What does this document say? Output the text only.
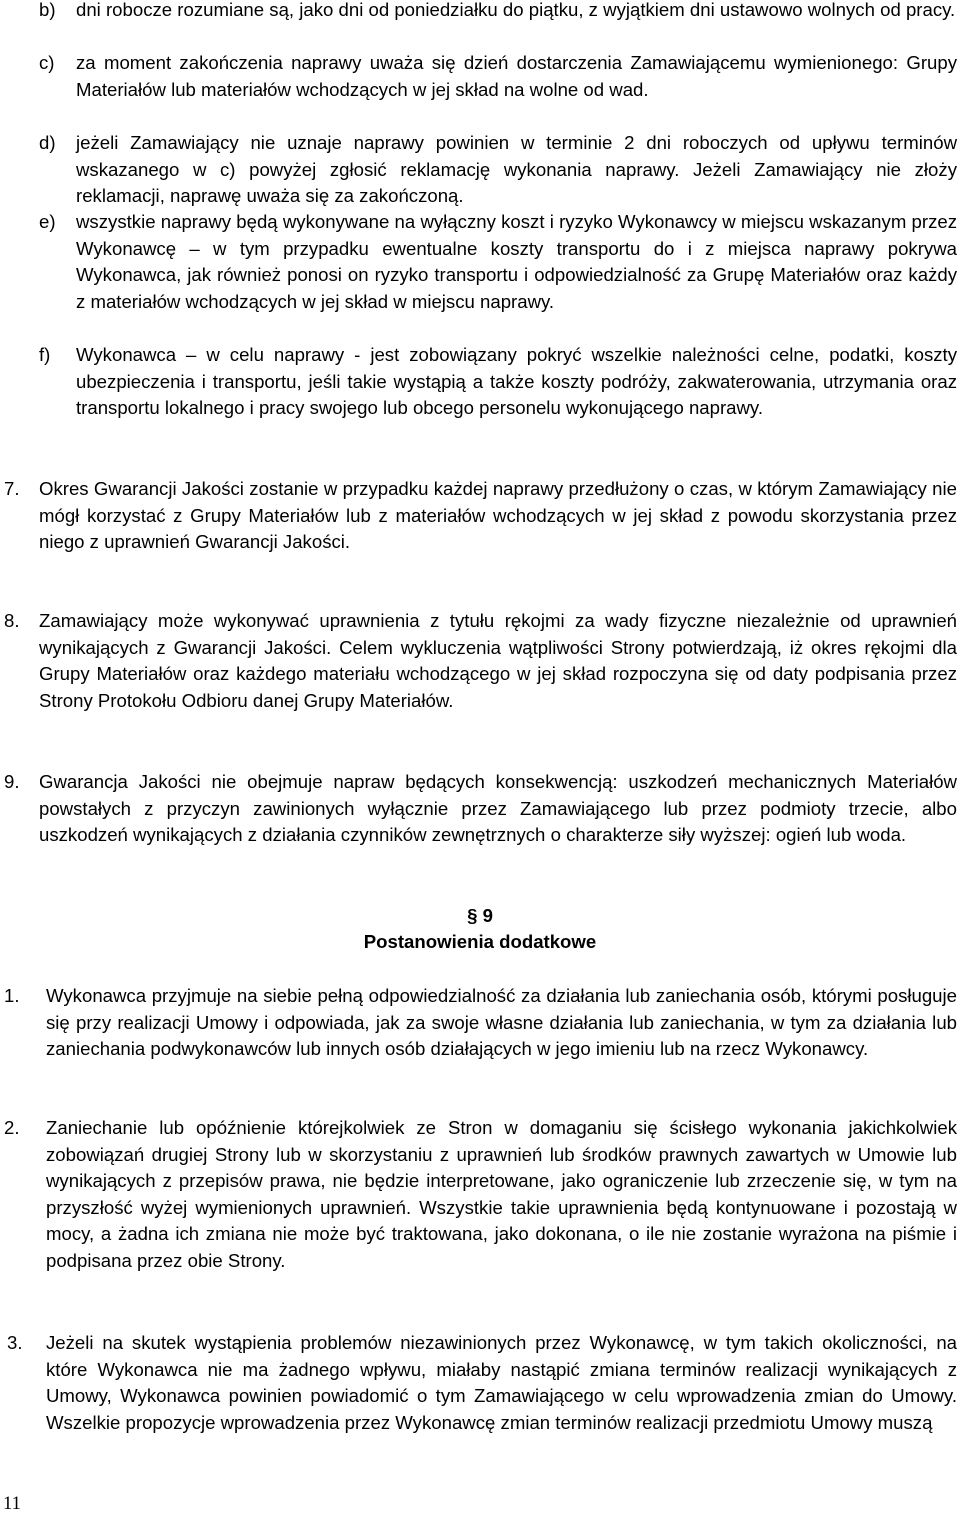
b) dni robocze rozumiane są, jako dni od poniedziałku do piątku, z wyjątkiem dni ustawowo wolnych od pracy.

c) za moment zakończenia naprawy uważa się dzień dostarczenia Zamawiającemu wymienionego: Grupy Materiałów lub materiałów wchodzących w jej skład na wolne od wad.

d) jeżeli Zamawiający nie uznaje naprawy powinien w terminie 2 dni roboczych od upływu terminów wskazanego w c) powyżej zgłosić reklamację wykonania naprawy. Jeżeli Zamawiający nie złoży reklamacji, naprawę uważa się za zakończoną.

e) wszystkie naprawy będą wykonywane na wyłączny koszt i ryzyko Wykonawcy w miejscu wskazanym przez Wykonawcę – w tym przypadku ewentualne koszty transportu do i z miejsca naprawy pokrywa Wykonawca, jak również ponosi on ryzyko transportu i odpowiedzialność za Grupę Materiałów oraz każdy z materiałów wchodzących w jej skład w miejscu naprawy.

f) Wykonawca – w celu naprawy - jest zobowiązany pokryć wszelkie należności celne, podatki, koszty ubezpieczenia i transportu, jeśli takie wystąpią a także koszty podróży, zakwaterowania, utrzymania oraz transportu lokalnego i pracy swojego lub obcego personelu wykonującego naprawy.

7. Okres Gwarancji Jakości zostanie w przypadku każdej naprawy przedłużony o czas, w którym Zamawiający nie mógł korzystać z Grupy Materiałów lub z materiałów wchodzących w jej skład z powodu skorzystania przez niego z uprawnień Gwarancji Jakości.

8. Zamawiający może wykonywać uprawnienia z tytułu rękojmi za wady fizyczne niezależnie od uprawnień wynikających z Gwarancji Jakości. Celem wykluczenia wątpliwości Strony potwierdzają, iż okres rękojmi dla Grupy Materiałów oraz każdego materiału wchodzącego w jej skład rozpoczyna się od daty podpisania przez Strony Protokołu Odbioru danej Grupy Materiałów.

9. Gwarancja Jakości nie obejmuje napraw będących konsekwencją: uszkodzeń mechanicznych Materiałów powstałych z przyczyn zawinionych wyłącznie przez Zamawiającego lub przez podmioty trzecie, albo uszkodzeń wynikających z działania czynników zewnętrznych o charakterze siły wyższej: ogień lub woda.

§ 9

Postanowienia dodatkowe

1. Wykonawca przyjmuje na siebie pełną odpowiedzialność za działania lub zaniechania osób, którymi posługuje się przy realizacji Umowy i odpowiada, jak za swoje własne działania lub zaniechania, w tym za działania lub zaniechania podwykonawców lub innych osób działających w jego imieniu lub na rzecz Wykonawcy.

2. Zaniechanie lub opóźnienie którejkolwiek ze Stron w domaganiu się ścisłego wykonania jakichkolwiek zobowiązań drugiej Strony lub w skorzystaniu z uprawnień lub środków prawnych zawartych w Umowie lub wynikających z przepisów prawa, nie będzie interpretowane, jako ograniczenie lub zrzeczenie się, w tym na przyszłość wyżej wymienionych uprawnień. Wszystkie takie uprawnienia będą kontynuowane i pozostają w mocy, a żadna ich zmiana nie może być traktowana, jako dokonana, o ile nie zostanie wyrażona na piśmie i podpisana przez obie Strony.

3. Jeżeli na skutek wystąpienia problemów niezawinionych przez Wykonawcę, w tym takich okoliczności, na które Wykonawca nie ma żadnego wpływu, miałaby nastąpić zmiana terminów realizacji wynikających z Umowy, Wykonawca powinien powiadomić o tym Zamawiającego w celu wprowadzenia zmian do Umowy. Wszelkie propozycje wprowadzenia przez Wykonawcę zmian terminów realizacji przedmiotu Umowy muszą

11
